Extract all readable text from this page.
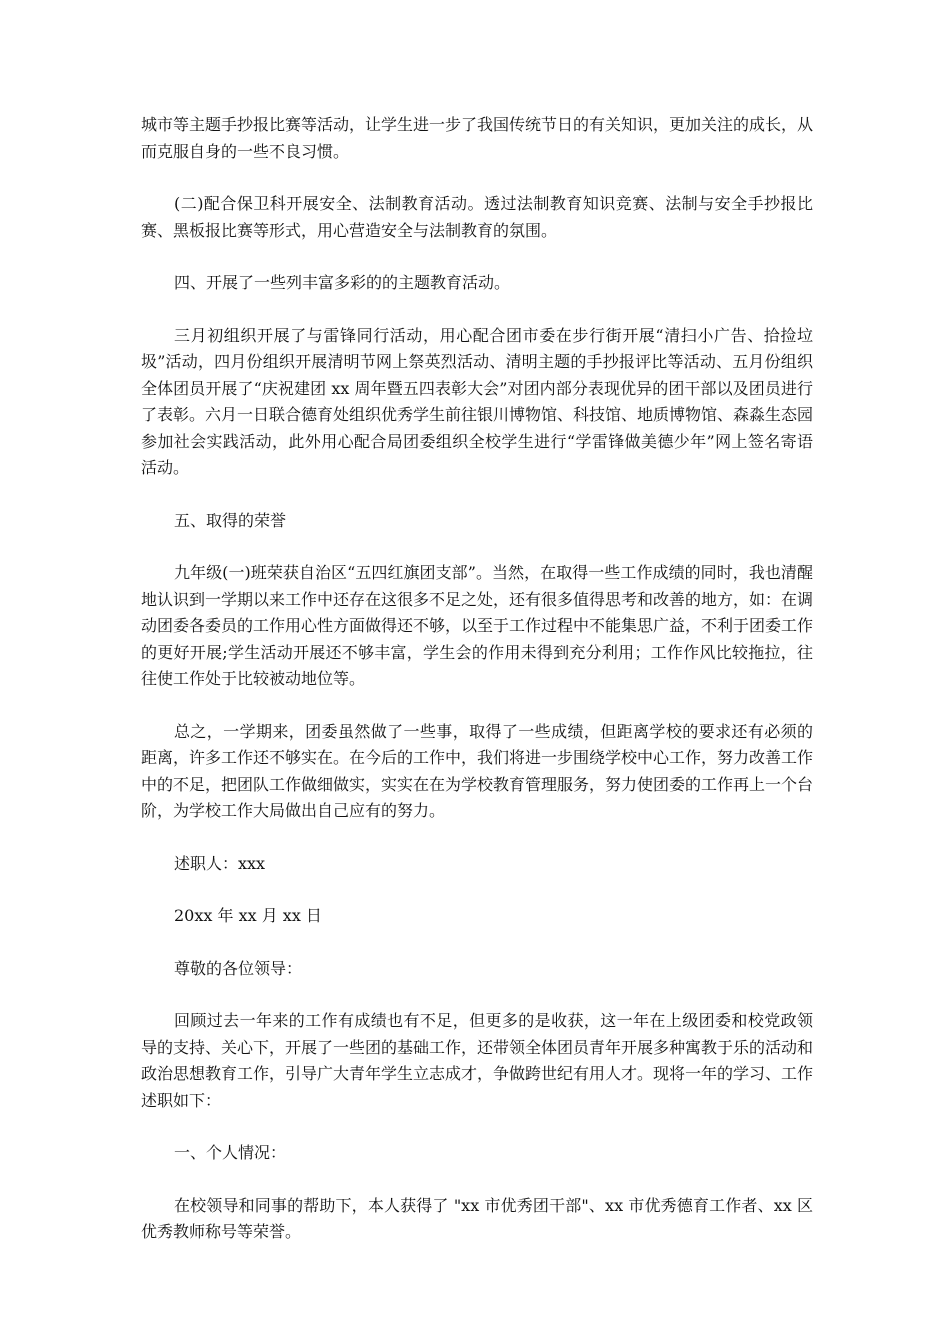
城市等主题手抄报比赛等活动，让学生进一步了我国传统节日的有关知识，更加关注的成长，从而克服自身的一些不良习惯。

(二)配合保卫科开展安全、法制教育活动。透过法制教育知识竞赛、法制与安全手抄报比赛、黑板报比赛等形式，用心营造安全与法制教育的氛围。

四、开展了一些列丰富多彩的的主题教育活动。

三月初组织开展了与雷锋同行活动，用心配合团市委在步行街开展“清扫小广告、拾捡垃圾”活动，四月份组织开展清明节网上祭英烈活动、清明主题的手抄报评比等活动、五月份组织全体团员开展了“庆祝建团 xx 周年暨五四表彰大会”对团内部分表现优异的团干部以及团员进行了表彰。六月一日联合德育处组织优秀学生前往银川博物馆、科技馆、地质博物馆、森淼生态园参加社会实践活动，此外用心配合局团委组织全校学生进行“学雷锋做美德少年”网上签名寄语活动。

五、取得的荣誉

九年级(一)班荣获自治区“五四红旗团支部”。当然，在取得一些工作成绩的同时，我也清醒地认识到一学期以来工作中还存在这很多不足之处，还有很多值得思考和改善的地方，如：在调动团委各委员的工作用心性方面做得还不够，以至于工作过程中不能集思广益，不利于团委工作的更好开展;学生活动开展还不够丰富，学生会的作用未得到充分利用；工作作风比较拖拉，往往使工作处于比较被动地位等。

总之，一学期来，团委虽然做了一些事，取得了一些成绩，但距离学校的要求还有必须的距离，许多工作还不够实在。在今后的工作中，我们将进一步围绕学校中心工作，努力改善工作中的不足，把团队工作做细做实，实实在在为学校教育管理服务，努力使团委的工作再上一个台阶，为学校工作大局做出自己应有的努力。

述职人：xxx

20xx 年 xx 月 xx 日

尊敬的各位领导：

回顾过去一年来的工作有成绩也有不足，但更多的是收获，这一年在上级团委和校党政领导的支持、关心下，开展了一些团的基础工作，还带领全体团员青年开展多种寓教于乐的活动和政治思想教育工作，引导广大青年学生立志成才，争做跨世纪有用人才。现将一年的学习、工作述职如下：

一、个人情况：

在校领导和同事的帮助下，本人获得了 "xx 市优秀团干部"、xx 市优秀德育工作者、xx 区优秀教师称号等荣誉。
